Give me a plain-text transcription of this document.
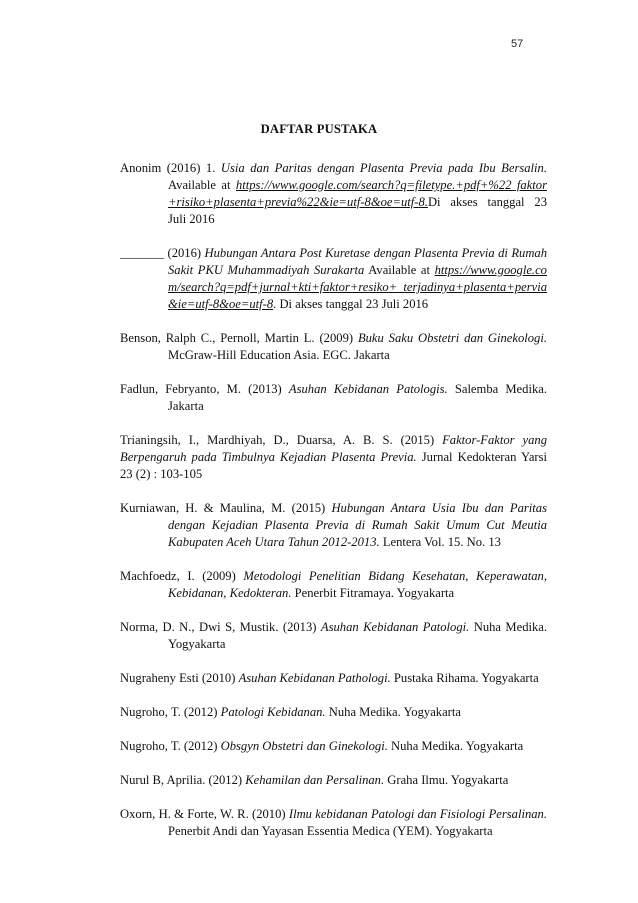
57
DAFTAR PUSTAKA

Anonim (2016) 1. Usia dan Paritas dengan Plasenta Previa pada Ibu Bersalin. Available at https://www.google.com/search?q=filetype.+pdf+%22 faktor+risiko+plasenta+previa%22&ie=utf-8&oe=utf-8.Di akses tanggal 23 Juli 2016

_______ (2016) Hubungan Antara Post Kuretase dengan Plasenta Previa di Rumah Sakit PKU Muhammadiyah Surakarta Available at https://www.google.com/search?q=pdf+jurnal+kti+faktor+resiko+ terjadinya+plasenta+pervia&ie=utf-8&oe=utf-8. Di akses tanggal 23 Juli 2016

Benson, Ralph C., Pernoll, Martin L. (2009) Buku Saku Obstetri dan Ginekologi. McGraw-Hill Education Asia. EGC. Jakarta

Fadlun, Febryanto, M. (2013) Asuhan Kebidanan Patologis. Salemba Medika. Jakarta

Trianingsih, I., Mardhiyah, D., Duarsa, A. B. S. (2015) Faktor-Faktor yang Berpengaruh pada Timbulnya Kejadian Plasenta Previa. Jurnal Kedokteran Yarsi 23 (2) : 103-105

Kurniawan, H. & Maulina, M. (2015) Hubungan Antara Usia Ibu dan Paritas dengan Kejadian Plasenta Previa di Rumah Sakit Umum Cut Meutia Kabupaten Aceh Utara Tahun 2012-2013. Lentera Vol. 15. No. 13

Machfoedz, I. (2009) Metodologi Penelitian Bidang Kesehatan, Keperawatan, Kebidanan, Kedokteran. Penerbit Fitramaya. Yogyakarta

Norma, D. N., Dwi S, Mustik. (2013) Asuhan Kebidanan Patologi. Nuha Medika. Yogyakarta

Nugraheny Esti (2010) Asuhan Kebidanan Pathologi. Pustaka Rihama. Yogyakarta

Nugroho, T. (2012) Patologi Kebidanan. Nuha Medika. Yogyakarta

Nugroho, T. (2012) Obsgyn Obstetri dan Ginekologi. Nuha Medika. Yogyakarta

Nurul B, Aprilia. (2012) Kehamilan dan Persalinan. Graha Ilmu. Yogyakarta

Oxorn, H. & Forte, W. R. (2010) Ilmu kebidanan Patologi dan Fisiologi Persalinan. Penerbit Andi dan Yayasan Essentia Medica (YEM). Yogyakarta
